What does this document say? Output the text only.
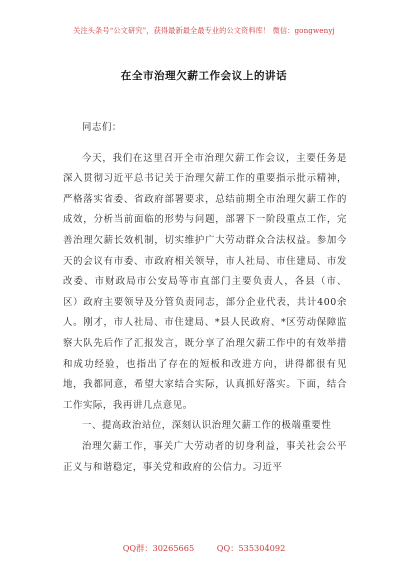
关注头条号“公文研究”，获得最新最全最专业的公文资料库！ 微信：gongwenyj
在全市治理欠薪工作会议上的讲话

同志们：

今天，我们在这里召开全市治理欠薪工作会议，主要任务是深入贯彻习近平总书记关于治理欠薪工作的重要指示批示精神，严格落实省委、省政府部署要求，总结前期全市治理欠薪工作的成效，分析当前面临的形势与问题，部署下一阶段重点工作，完善治理欠薪长效机制，切实维护广大劳动群众合法权益。参加今天的会议有市委、市政府相关领导，市人社局、市住建局、市发改委、市财政局市公安局等市直部门主要负责人，各县（市、区）政府主要领导及分管负责同志，部分企业代表，共计400余人。刚才，市人社局、市住建局、*县人民政府、*区劳动保障监察大队先后作了汇报发言，既分享了治理欠薪工作中的有效举措和成功经验，也指出了存在的短板和改进方向，讲得都很有见地，我都同意，希望大家结合实际，认真抓好落实。下面，结合工作实际，我再讲几点意见。

一、提高政治站位，深刻认识治理欠薪工作的极端重要性

治理欠薪工作，事关广大劳动者的切身利益，事关社会公平正义与和谐稳定，事关党和政府的公信力。习近平

QQ群：30265665	QQ：535304092
